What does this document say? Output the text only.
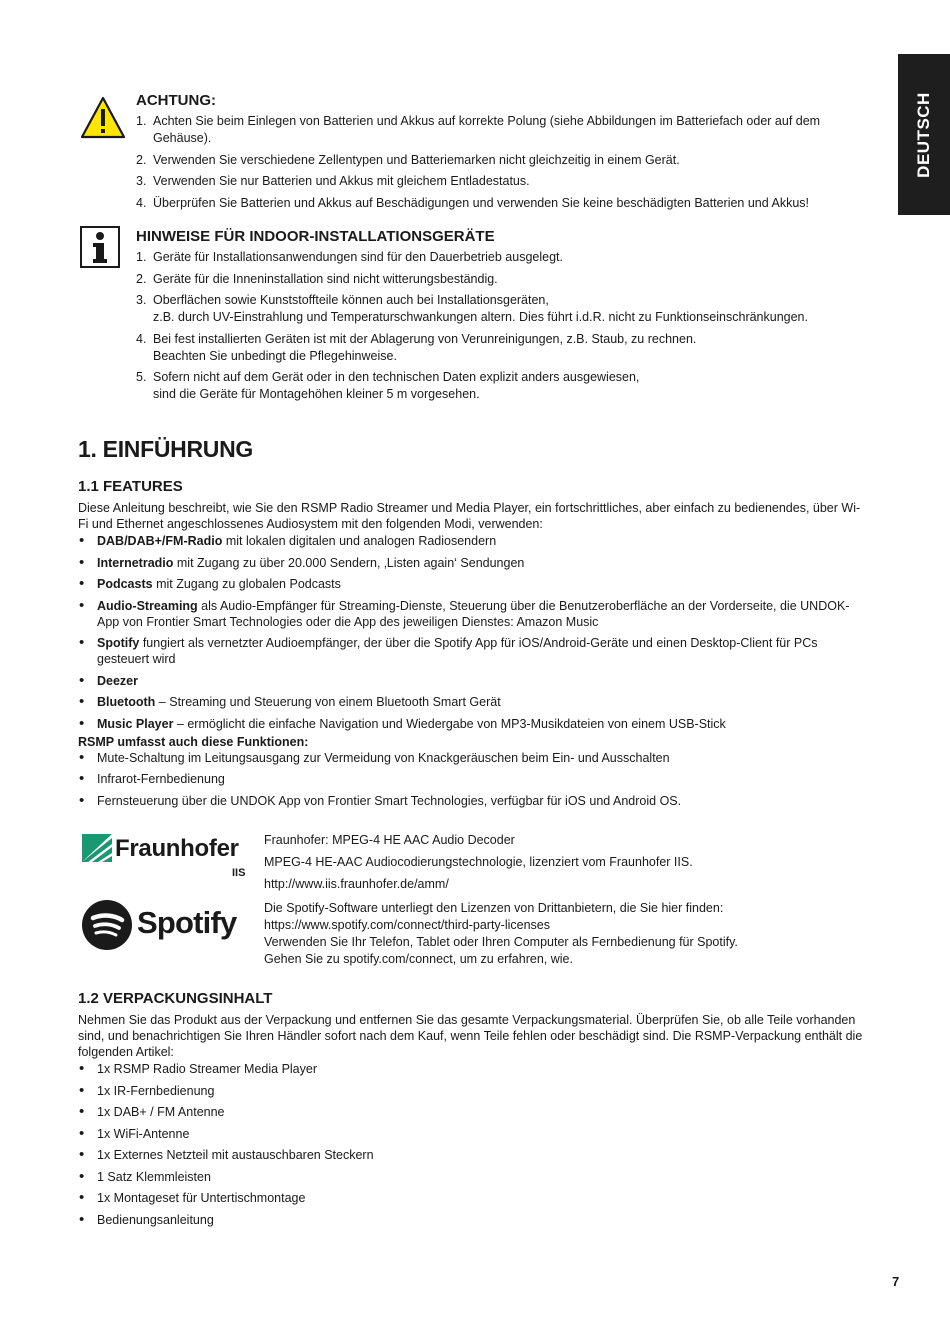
DEUTSCH
ACHTUNG:
1. Achten Sie beim Einlegen von Batterien und Akkus auf korrekte Polung (siehe Abbildungen im Batteriefach oder auf dem Gehäuse).
2. Verwenden Sie verschiedene Zellentypen und Batteriemarken nicht gleichzeitig in einem Gerät.
3. Verwenden Sie nur Batterien und Akkus mit gleichem Entladestatus.
4. Überprüfen Sie Batterien und Akkus auf Beschädigungen und verwenden Sie keine beschädigten Batterien und Akkus!
HINWEISE FÜR INDOOR-INSTALLATIONSGERÄTE
1. Geräte für Installationsanwendungen sind für den Dauerbetrieb ausgelegt.
2. Geräte für die Inneninstallation sind nicht witterungsbeständig.
3. Oberflächen sowie Kunststoffteile können auch bei Installationsgeräten,
z.B. durch UV-Einstrahlung und Temperaturschwankungen altern. Dies führt i.d.R. nicht zu Funktionseinschränkungen.
4. Bei fest installierten Geräten ist mit der Ablagerung von Verunreinigungen, z.B. Staub, zu rechnen.
Beachten Sie unbedingt die Pflegehinweise.
5. Sofern nicht auf dem Gerät oder in den technischen Daten explizit anders ausgewiesen,
sind die Geräte für Montagehöhen kleiner 5 m vorgesehen.
1. EINFÜHRUNG
1.1 FEATURES

Diese Anleitung beschreibt, wie Sie den RSMP Radio Streamer und Media Player, ein fortschrittliches, aber einfach zu bedienendes, über Wi-Fi und Ethernet angeschlossenes Audiosystem mit den folgenden Modi, verwenden:

• DAB/DAB+/FM-Radio mit lokalen digitalen und analogen Radiosendern
• Internetradio mit Zugang zu über 20.000 Sendern, ‚Listen again‘ Sendungen
• Podcasts mit Zugang zu globalen Podcasts
• Audio-Streaming als Audio-Empfänger für Streaming-Dienste, Steuerung über die Benutzeroberfläche an der Vorderseite, die UNDOK-App von Frontier Smart Technologies oder die App des jeweiligen Dienstes: Amazon Music
• Spotify fungiert als vernetzter Audioempfänger, der über die Spotify App für iOS/Android-Geräte und einen Desktop-Client für PCs gesteuert wird
• Deezer
• Bluetooth – Streaming und Steuerung von einem Bluetooth Smart Gerät
• Music Player – ermöglicht die einfache Navigation und Wiedergabe von MP3-Musikdateien von einem USB-Stick

RSMP umfasst auch diese Funktionen:

• Mute-Schaltung im Leitungsausgang zur Vermeidung von Knackgeräuschen beim Ein- und Ausschalten
• Infrarot-Fernbedienung
• Fernsteuerung über die UNDOK App von Frontier Smart Technologies, verfügbar für iOS und Android OS.
Fraunhofer
IIS
Fraunhofer: MPEG-4 HE AAC Audio Decoder
MPEG-4 HE-AAC Audiocodierungstechnologie, lizenziert vom Fraunhofer IIS.
http://www.iis.fraunhofer.de/amm/
Spotify Die Spotify-Software unterliegt den Lizenzen von Drittanbietern, die Sie hier finden:
https://www.spotify.com/connect/third-party-licenses
Verwenden Sie Ihr Telefon, Tablet oder Ihren Computer als Fernbedienung für Spotify.
Gehen Sie zu spotify.com/connect, um zu erfahren, wie.
1.2 VERPACKUNGSINHALT

Nehmen Sie das Produkt aus der Verpackung und entfernen Sie das gesamte Verpackungsmaterial. Überprüfen Sie, ob alle Teile vorhanden sind, und benachrichtigen Sie Ihren Händler sofort nach dem Kauf, wenn Teile fehlen oder beschädigt sind. Die RSMP-Verpackung enthält die folgenden Artikel:

• 1x RSMP Radio Streamer Media Player
• 1x IR-Fernbedienung
• 1x DAB+ / FM Antenne
• 1x WiFi-Antenne
• 1x Externes Netzteil mit austauschbaren Steckern
• 1 Satz Klemmleisten
• 1x Montageset für Untertischmontage
• Bedienungsanleitung
7
